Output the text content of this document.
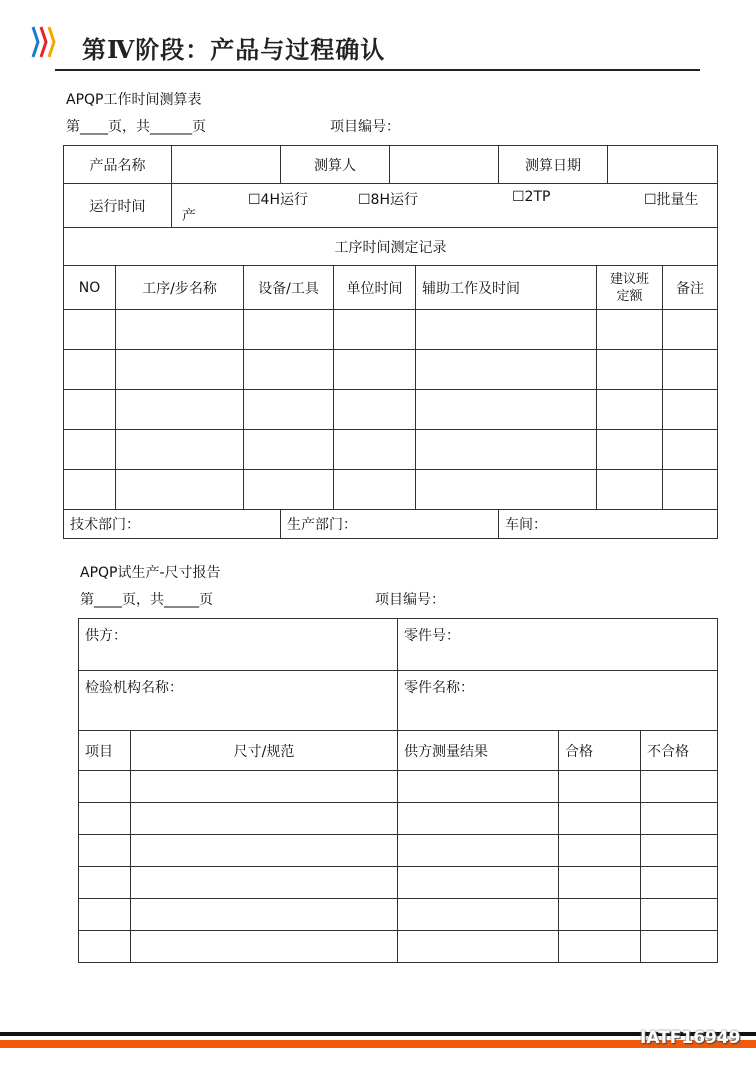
第Ⅳ阶段：产品与过程确认
APQP工作时间测算表
第____页，共______页	项目编号：
产品名称		测算人		测算日期	
运行时间	☐4H运行 ☐8H运行 ☐2TP ☐批量生
产				

工序时间测定记录					
NO	工序/步名称	设备/工具	单位时间	辅助工作及时间	建议班定额	备注

技术部门：	生产部门：	车间：
APQP试生产-尺寸报告
第____页，共_____页	项目编号：
供方：	零件号：
检验机构名称：	零件名称：
项目	尺寸/规范	供方测量结果	合格	不合格

IATF16949
